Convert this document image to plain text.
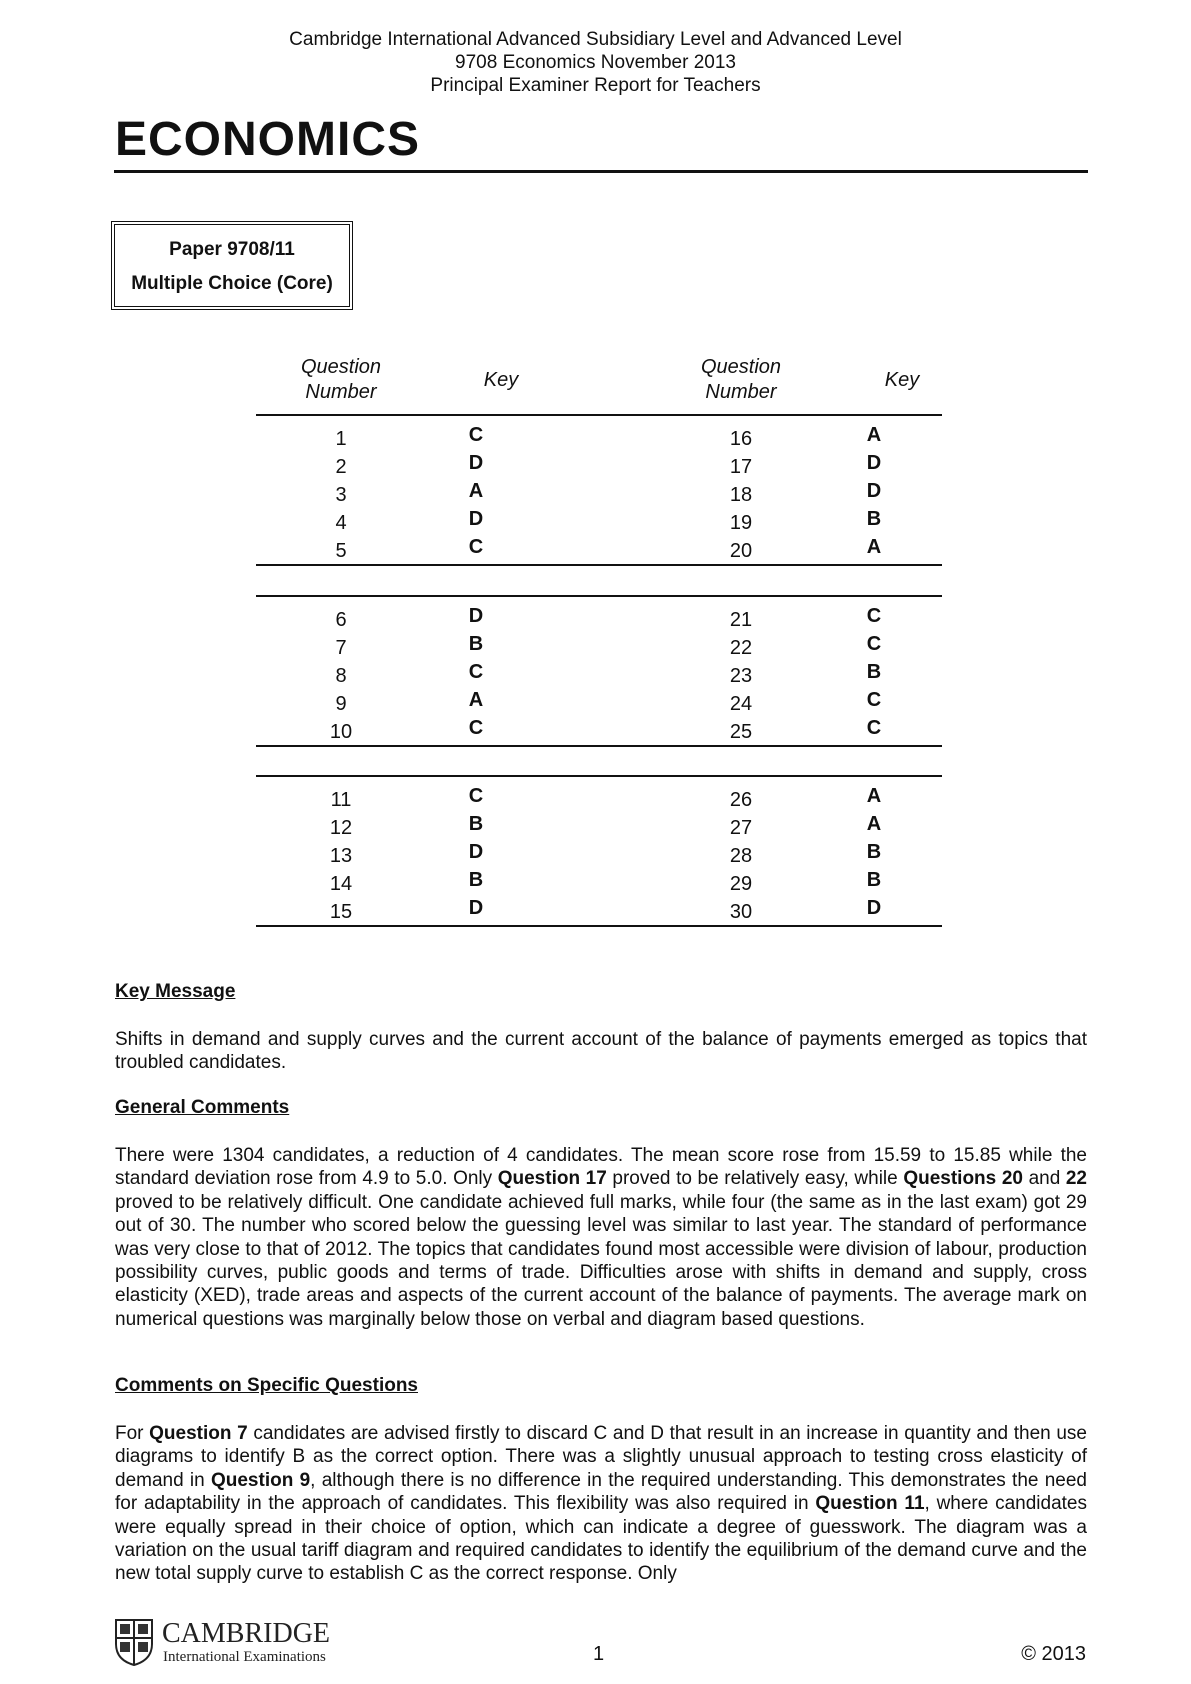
Cambridge International Advanced Subsidiary Level and Advanced Level
9708 Economics November 2013
Principal Examiner Report for Teachers
ECONOMICS
Paper 9708/11
Multiple Choice (Core)
Question Number
Key
Question Number
Key
1	C	16	A
2	D	17	D
3	A	18	D
4	D	19	B
5	C	20	A
6	D	21	C
7	B	22	C
8	C	23	B
9	A	24	C
10	C	25	C
11	C	26	A
12	B	27	A
13	D	28	B
14	B	29	B
15	D	30	D
Key Message

Shifts in demand and supply curves and the current account of the balance of payments emerged as topics that troubled candidates.

General Comments

There were 1304 candidates, a reduction of 4 candidates. The mean score rose from 15.59 to 15.85 while the standard deviation rose from 4.9 to 5.0. Only Question 17 proved to be relatively easy, while Questions 20 and 22 proved to be relatively difficult. One candidate achieved full marks, while four (the same as in the last exam) got 29 out of 30. The number who scored below the guessing level was similar to last year. The standard of performance was very close to that of 2012. The topics that candidates found most accessible were division of labour, production possibility curves, public goods and terms of trade. Difficulties arose with shifts in demand and supply, cross elasticity (XED), trade areas and aspects of the current account of the balance of payments. The average mark on numerical questions was marginally below those on verbal and diagram based questions.

Comments on Specific Questions

For Question 7 candidates are advised firstly to discard C and D that result in an increase in quantity and then use diagrams to identify B as the correct option. There was a slightly unusual approach to testing cross elasticity of demand in Question 9, although there is no difference in the required understanding. This demonstrates the need for adaptability in the approach of candidates. This flexibility was also required in Question 11, where candidates were equally spread in their choice of option, which can indicate a degree of guesswork. The diagram was a variation on the usual tariff diagram and required candidates to identify the equilibrium of the demand curve and the new total supply curve to establish C as the correct response. Only

CAMBRIDGE
International Examinations	1	© 2013
